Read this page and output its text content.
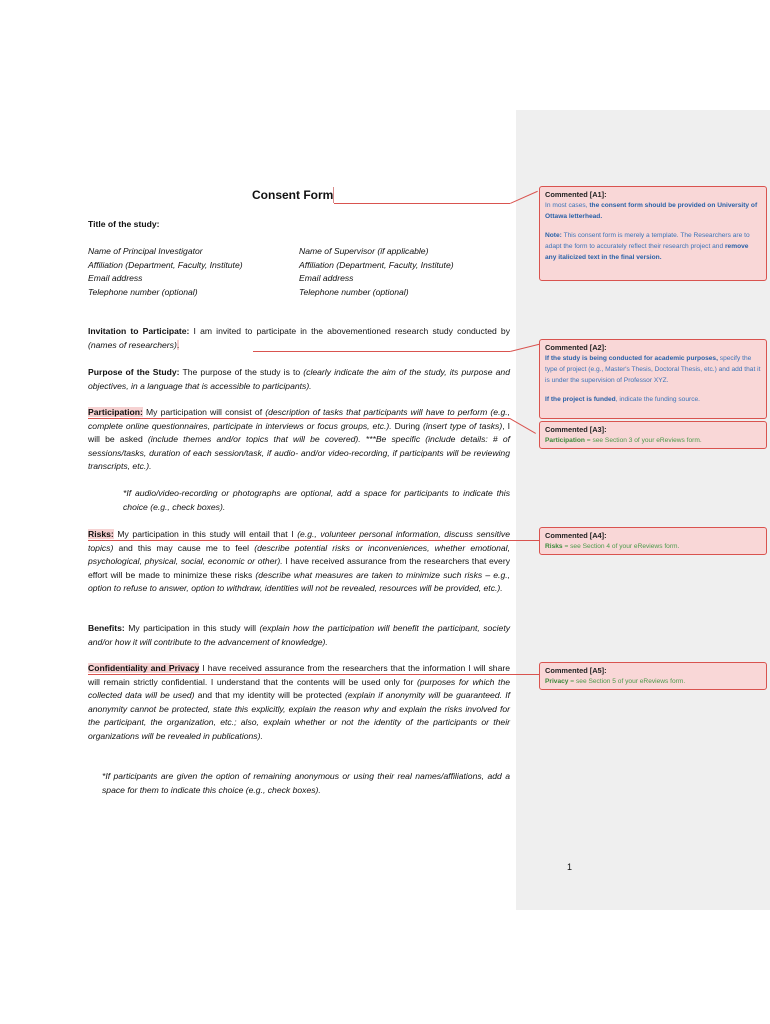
Consent Form
Title of the study:
Name of Principal Investigator
Affiliation (Department, Faculty, Institute)
Email address
Telephone number (optional)
Name of Supervisor (if applicable)
Affiliation (Department, Faculty, Institute)
Email address
Telephone number (optional)
Invitation to Participate: I am invited to participate in the abovementioned research study conducted by (names of researchers).
Purpose of the Study: The purpose of the study is to (clearly indicate the aim of the study, its purpose and objectives, in a language that is accessible to participants).
Participation: My participation will consist of (description of tasks that participants will have to perform (e.g., complete online questionnaires, participate in interviews or focus groups, etc.). During (insert type of tasks), I will be asked (include themes and/or topics that will be covered). ***Be specific (include details: # of sessions/tasks, duration of each session/task, if audio- and/or video-recording, if participants will be reviewing transcripts, etc.).
*If audio/video-recording or photographs are optional, add a space for participants to indicate this choice (e.g., check boxes).
Risks: My participation in this study will entail that I (e.g., volunteer personal information, discuss sensitive topics) and this may cause me to feel (describe potential risks or inconveniences, whether emotional, psychological, physical, social, economic or other). I have received assurance from the researchers that every effort will be made to minimize these risks (describe what measures are taken to minimize such risks – e.g., option to refuse to answer, option to withdraw, identities will not be revealed, resources will be provided, etc.).
Benefits: My participation in this study will (explain how the participation will benefit the participant, society and/or how it will contribute to the advancement of knowledge).
Confidentiality and Privacy I have received assurance from the researchers that the information I will share will remain strictly confidential. I understand that the contents will be used only for (purposes for which the collected data will be used) and that my identity will be protected (explain if anonymity will be guaranteed. If anonymity cannot be protected, state this explicitly, explain the reason why and explain the risks involved for the participant, the organization, etc.; also, explain whether or not the identity of the participants or their organizations will be revealed in publications).
*If participants are given the option of remaining anonymous or using their real names/affiliations, add a space for them to indicate this choice (e.g., check boxes).
1
Commented [A1]:
In most cases, the consent form should be provided on University of Ottawa letterhead.
Note: This consent form is merely a template. The Researchers are to adapt the form to accurately reflect their research project and remove any italicized text in the final version.
Commented [A2]:
If the study is being conducted for academic purposes, specify the type of project (e.g., Master's Thesis, Doctoral Thesis, etc.) and add that it is under the supervision of Professor XYZ.
If the project is funded, indicate the funding source.
Commented [A3]:
Participation = see Section 3 of your eReviews form.
Commented [A4]:
Risks = see Section 4 of your eReviews form.
Commented [A5]:
Privacy = see Section 5 of your eReviews form.
